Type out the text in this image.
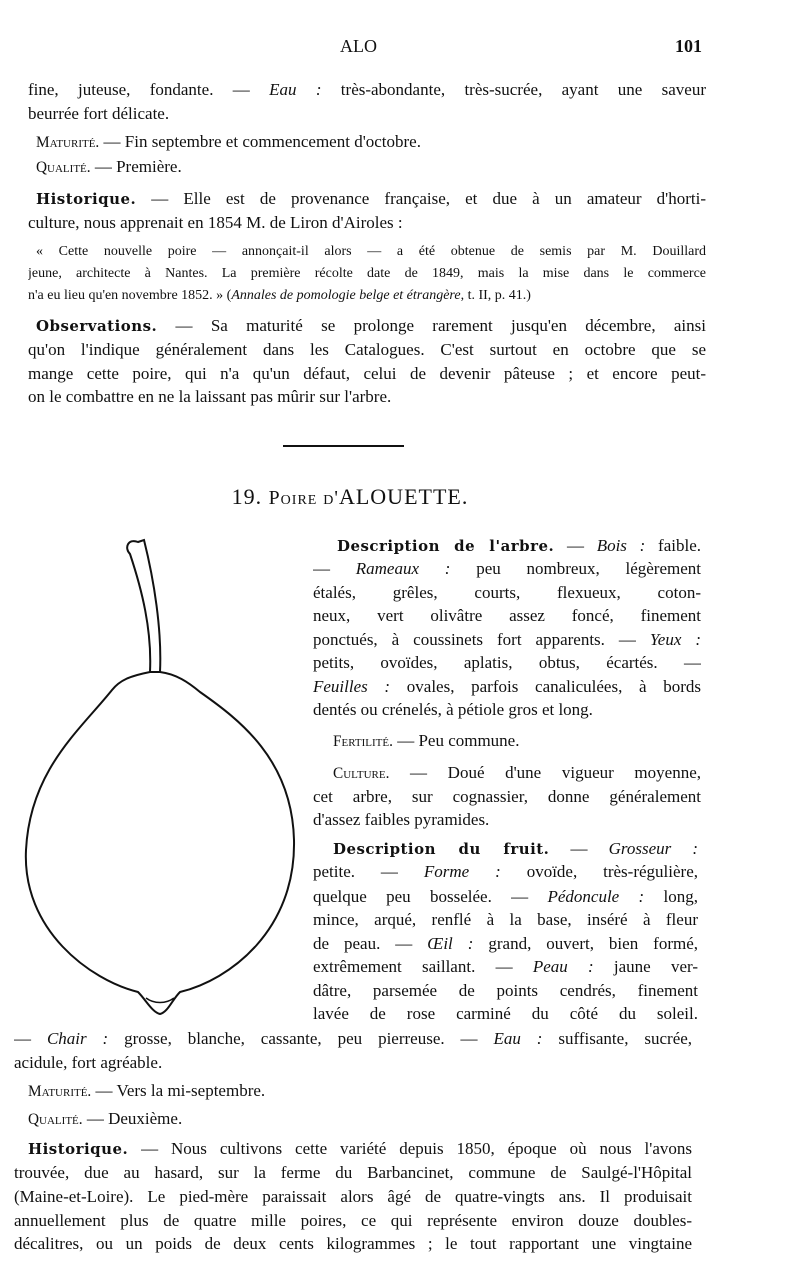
ALO	101
fine, juteuse, fondante. — Eau : très-abondante, très-sucrée, ayant une saveur
beurrée fort délicate.
Maturité. — Fin septembre et commencement d'octobre.
Qualité. — Première.
Historique. — Elle est de provenance française, et due à un amateur d'horti-
culture, nous apprenait en 1854 M. de Liron d'Airoles :
« Cette nouvelle poire — annonçait-il alors — a été obtenue de semis par M. Douillard
jeune, architecte à Nantes. La première récolte date de 1849, mais la mise dans le commerce
n'a eu lieu qu'en novembre 1852. » (Annales de pomologie belge et étrangère, t. II, p. 41.)
Observations. — Sa maturité se prolonge rarement jusqu'en décembre, ainsi
qu'on l'indique généralement dans les Catalogues. C'est surtout en octobre que se
mange cette poire, qui n'a qu'un défaut, celui de devenir pâteuse ; et encore peut-
on le combattre en ne la laissant pas mûrir sur l'arbre.
Description de l'arbre. — Bois : faible.
— Rameaux : peu nombreux, légèrement
étalés, grêles, courts, flexueux, coton-
neux, vert olivâtre assez foncé, finement
ponctués, à coussinets fort apparents. — Yeux :
petits, ovoïdes, aplatis, obtus, écartés. —
Feuilles : ovales, parfois canaliculées, à bords
dentés ou crénelés, à pétiole gros et long.
Fertilité. — Peu commune.
Culture. — Doué d'une vigueur moyenne,
cet arbre, sur cognassier, donne généralement
d'assez faibles pyramides.
Description du fruit. — Grosseur :
petite. — Forme : ovoïde, très-régulière,
quelque peu bosselée. — Pédoncule : long,
mince, arqué, renflé à la base, inséré à fleur
de peau. — Œil : grand, ouvert, bien formé,
extrêmement saillant. — Peau : jaune ver-
dâtre, parsemée de points cendrés, finement
lavée de rose carminé du côté du soleil.
— Chair : grosse, blanche, cassante, peu pierreuse. — Eau : suffisante, sucrée,
acidule, fort agréable.
Maturité. — Vers la mi-septembre.
Qualité. — Deuxième.
Historique. — Nous cultivons cette variété depuis 1850, époque où nous l'avons
trouvée, due au hasard, sur la ferme du Barbancinet, commune de Saulgé-l'Hôpital
(Maine-et-Loire). Le pied-mère paraissait alors âgé de quatre-vingts ans. Il produisait
annuellement plus de quatre mille poires, ce qui représente environ douze doubles-
décalitres, ou un poids de deux cents kilogrammes ; le tout rapportant une vingtaine
19. Poire d'ALOUETTE.
